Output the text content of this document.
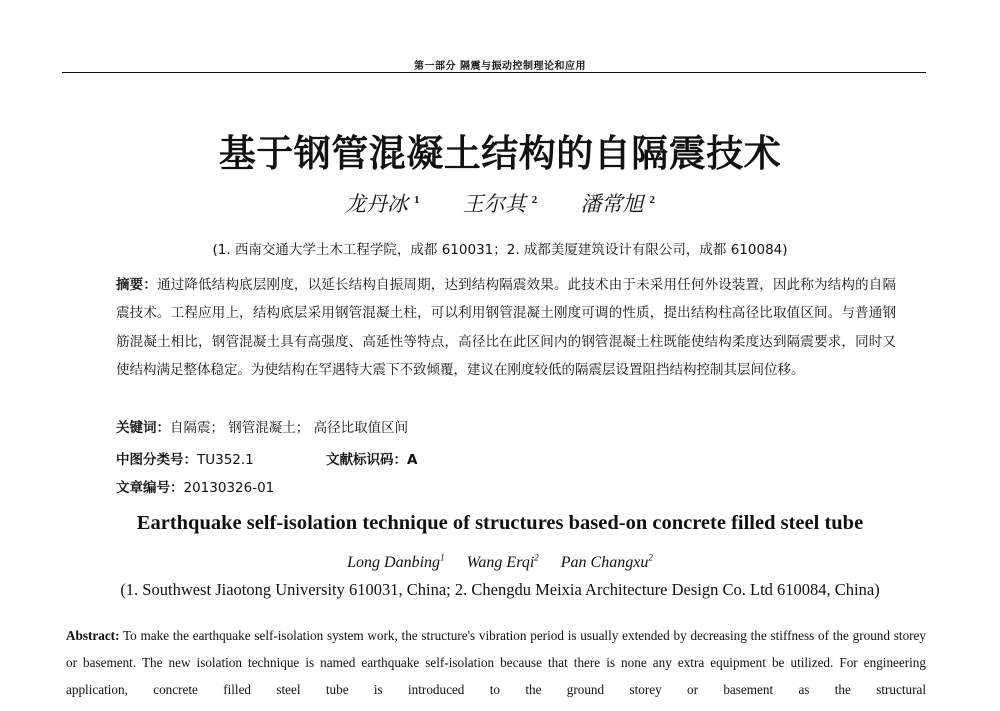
第一部分 隔震与振动控制理论和应用
基于钢管混凝土结构的自隔震技术
龙丹冰 $^1$ 王尔其 $^2$ 潘常旭 $^2$
(1. 西南交通大学土木工程学院，成都 610031；2. 成都美厦建筑设计有限公司，成都 610084)
摘要：通过降低结构底层刚度，以延长结构自振周期，达到结构隔震效果。此技术由于未采用任何外设装置，因此称为结构的自隔震技术。工程应用上，结构底层采用钢管混凝土柱，可以利用钢管混凝土刚度可调的性质，提出结构柱高径比取值区间。与普通钢筋混凝土相比，钢管混凝土具有高强度、高延性等特点，高径比在此区间内的钢管混凝土柱既能使结构柔度达到隔震要求，同时又使结构满足整体稳定。为使结构在罕遇特大震下不致倾覆，建议在刚度较低的隔震层设置阻挡结构控制其层间位移。
关键词：自隔震； 钢管混凝土； 高径比取值区间
中图分类号：TU352.1	文献标识码：A
文章编号：20130326-01
Earthquake self-isolation technique of structures based-on concrete filled steel tube
Long Danbing$^1$ Wang Erqi$^2$ Pan Changxu$^2$
(1. Southwest Jiaotong University 610031, China; 2. Chengdu Meixia Architecture Design Co. Ltd 610084, China)
Abstract: To make the earthquake self-isolation system work, the structure's vibration period is usually extended by decreasing the stiffness of the ground storey or basement. The new isolation technique is named earthquake self-isolation because that there is none any extra equipment be utilized. For engineering application, concrete filled steel tube is introduced to the ground storey or basement as the structural
